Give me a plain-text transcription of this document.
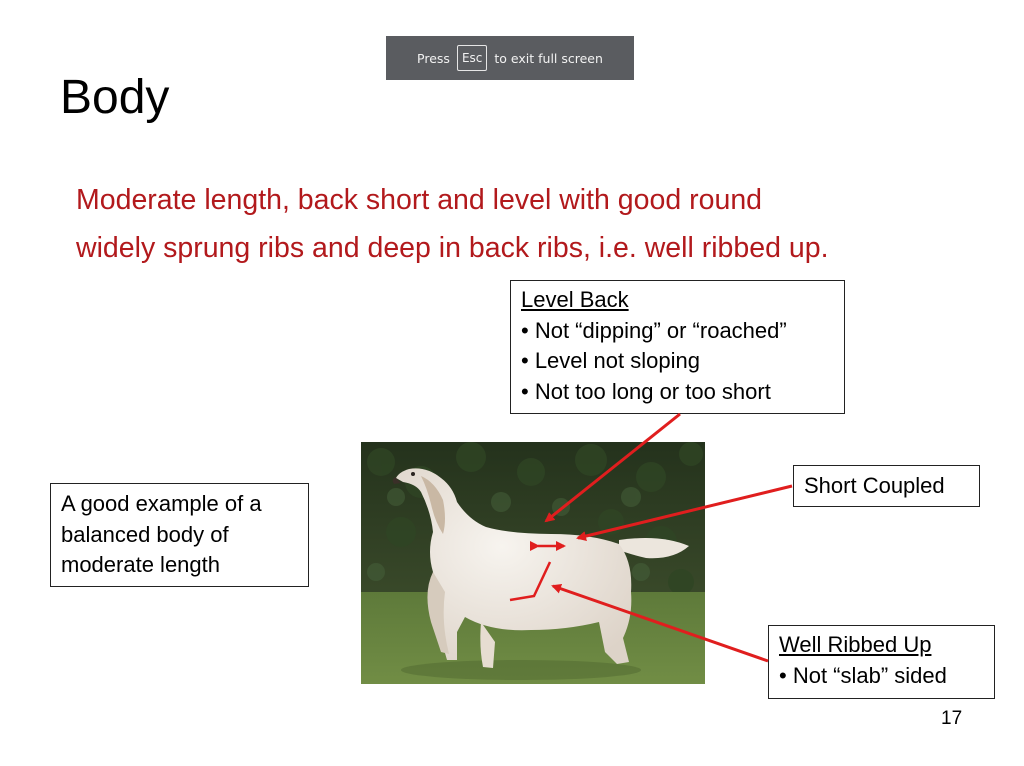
Press	Esc to exit full screen
Body
Moderate length, back short and level with good round
widely sprung ribs and deep in back ribs, i.e. well ribbed up.
Level Back
• Not “dipping” or “roached”
• Level not sloping
• Not too long or too short
A good example of a
balanced body of
moderate length
Short Coupled
Well Ribbed Up
• Not “slab” sided
17
